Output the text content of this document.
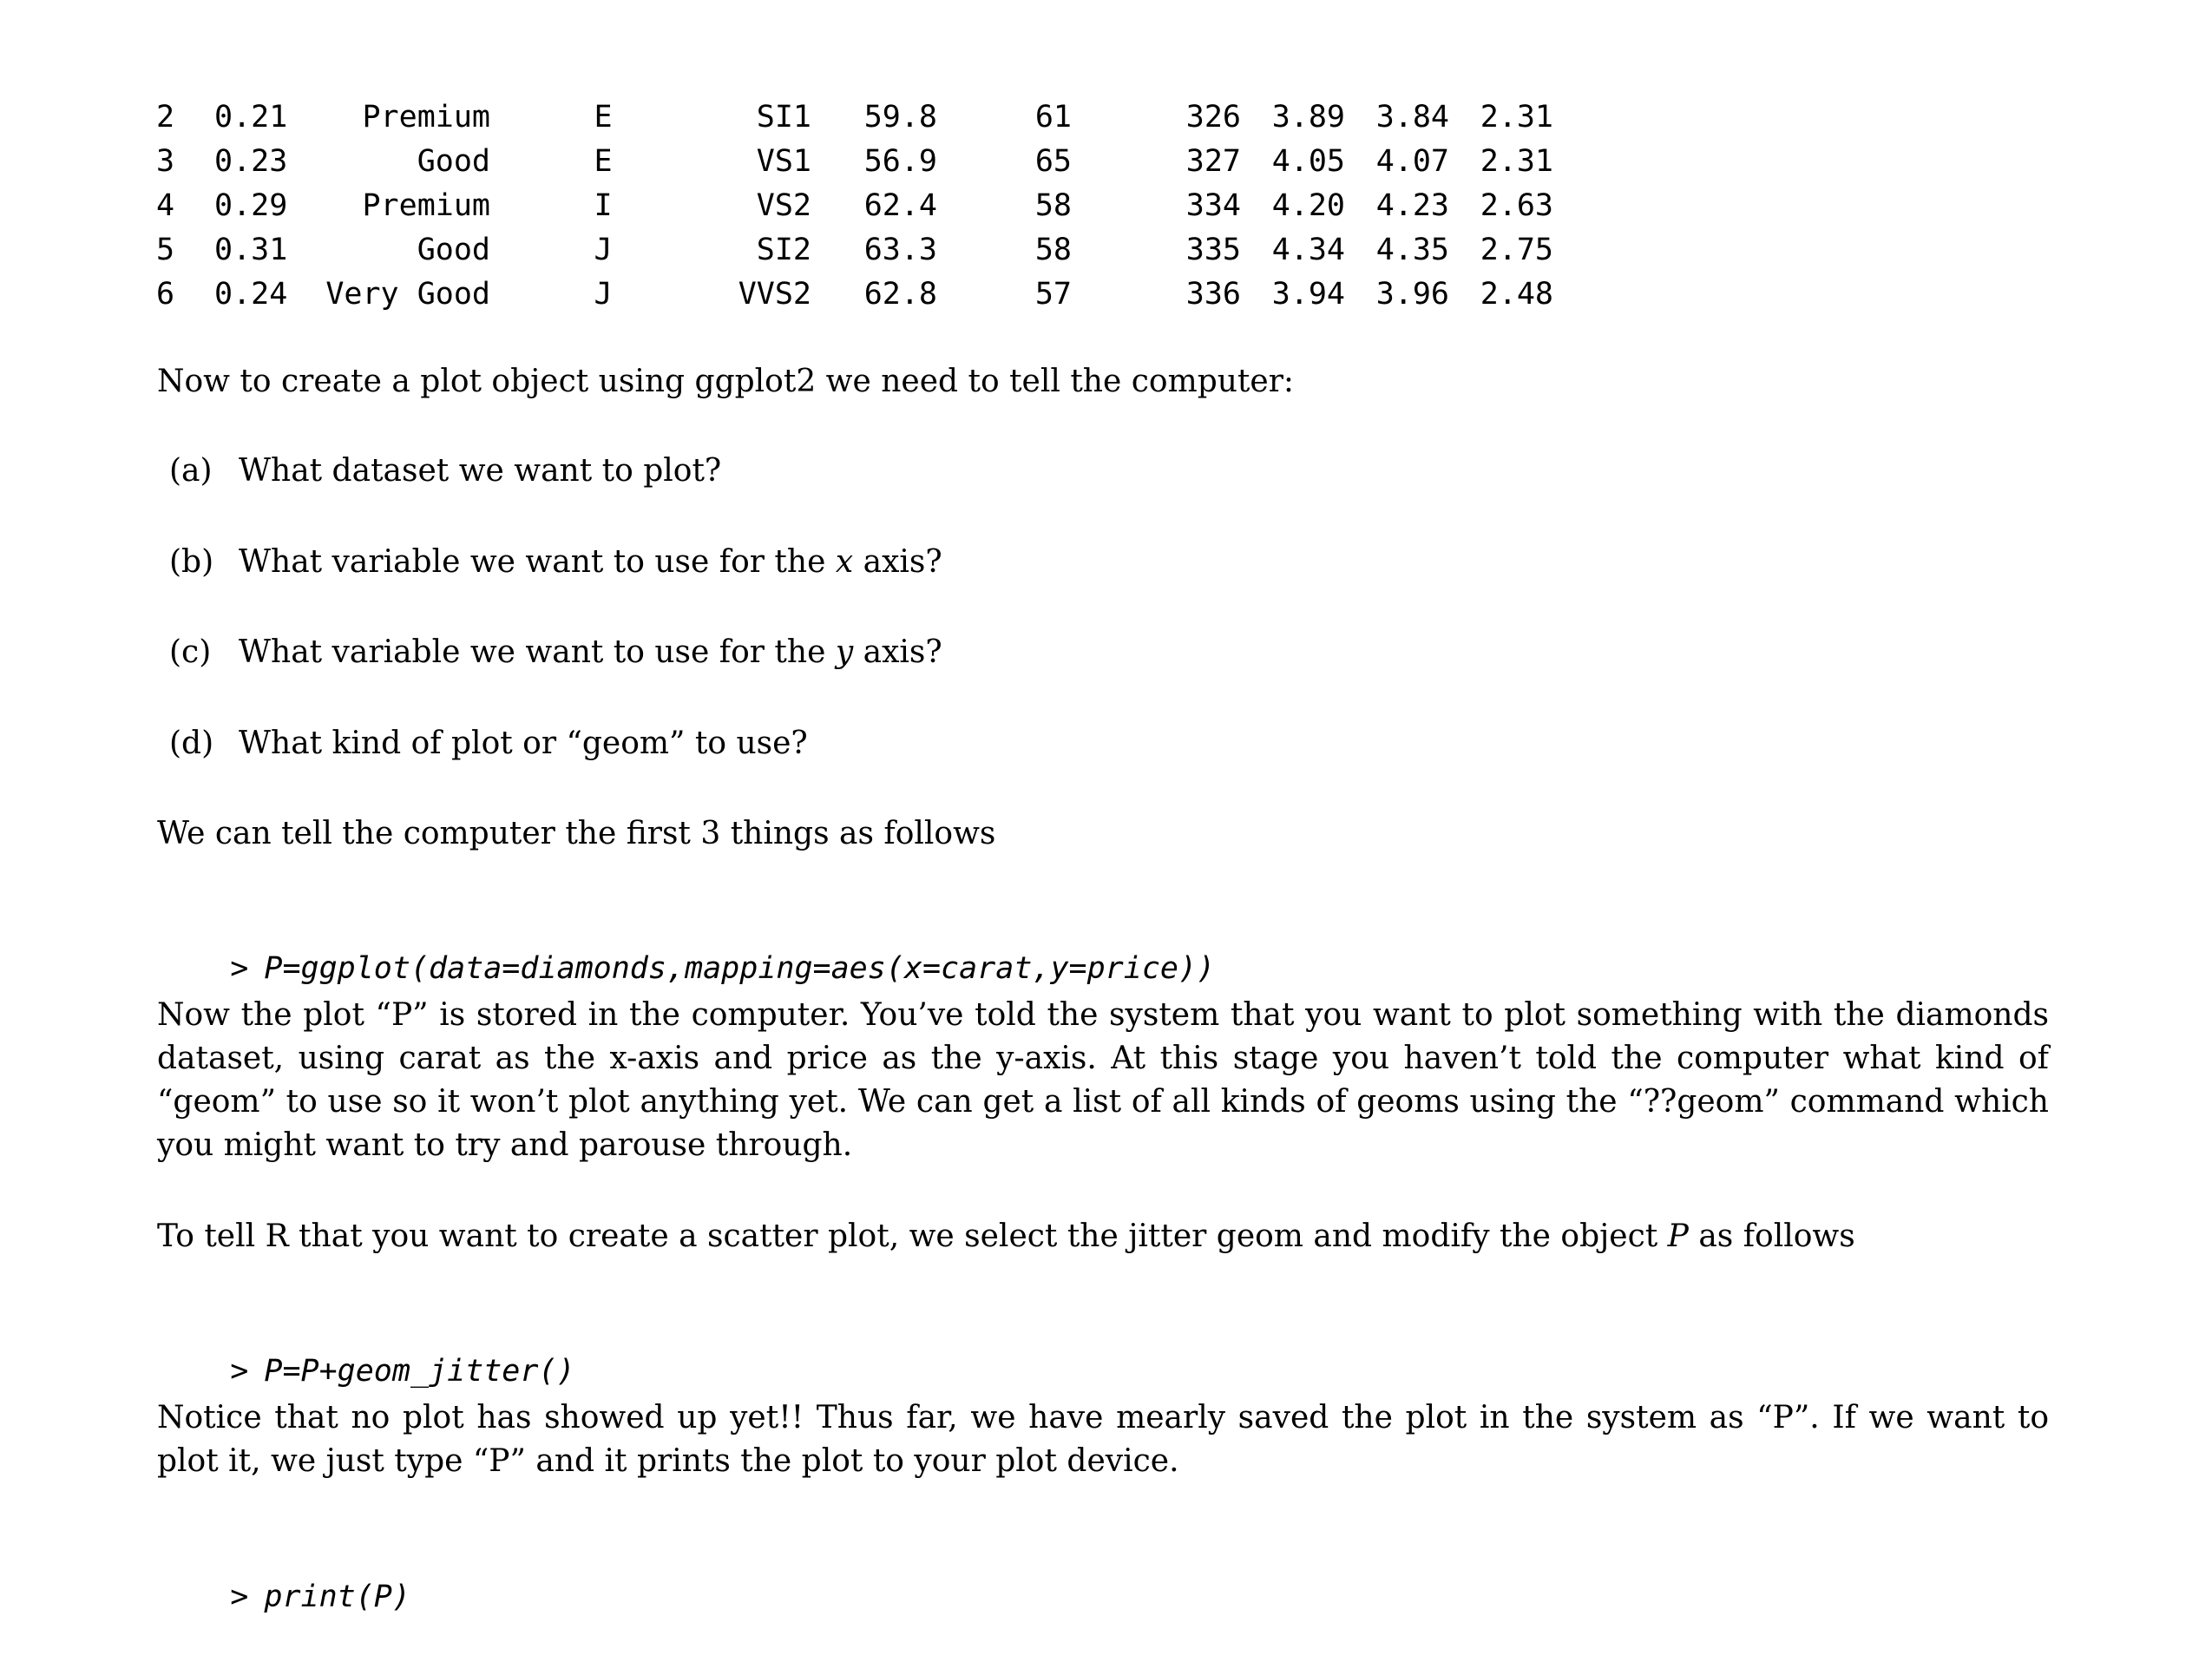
2 0.21	Premium	E	SI1	59.8	61	326	3.89	3.84	2.31
3 0.23	Good	E	VS1	56.9	65	327	4.05	4.07	2.31
4 0.29	Premium	I	VS2	62.4	58	334	4.20	4.23	2.63
5 0.31	Good	J	SI2	63.3	58	335	4.34	4.35	2.75
6 0.24	Very Good	J	VVS2	62.8	57	336	3.94	3.96	2.48
Now to create a plot object using ggplot2 we need to tell the computer:
(a) What dataset we want to plot?
(b) What variable we want to use for the x axis?
(c) What variable we want to use for the y axis?
(d) What kind of plot or “geom” to use?
We can tell the computer the first 3 things as follows

> P=ggplot(data=diamonds,mapping=aes(x=carat,y=price))

Now the plot “P” is stored in the computer. You’ve told the system that you want to plot something with the diamonds dataset, using carat as the x-axis and price as the y-axis. At this stage you haven’t told the computer what kind of “geom” to use so it won’t plot anything yet. We can get a list of all kinds of geoms using the “??geom” command which you might want to try and parouse through.
To tell R that you want to create a scatter plot, we select the jitter geom and modify the object P as follows

> P=P+geom_jitter()

Notice that no plot has showed up yet!! Thus far, we have mearly saved the plot in the system as “P”. If we want to plot it, we just type “P” and it prints the plot to your plot device.

> print(P)
